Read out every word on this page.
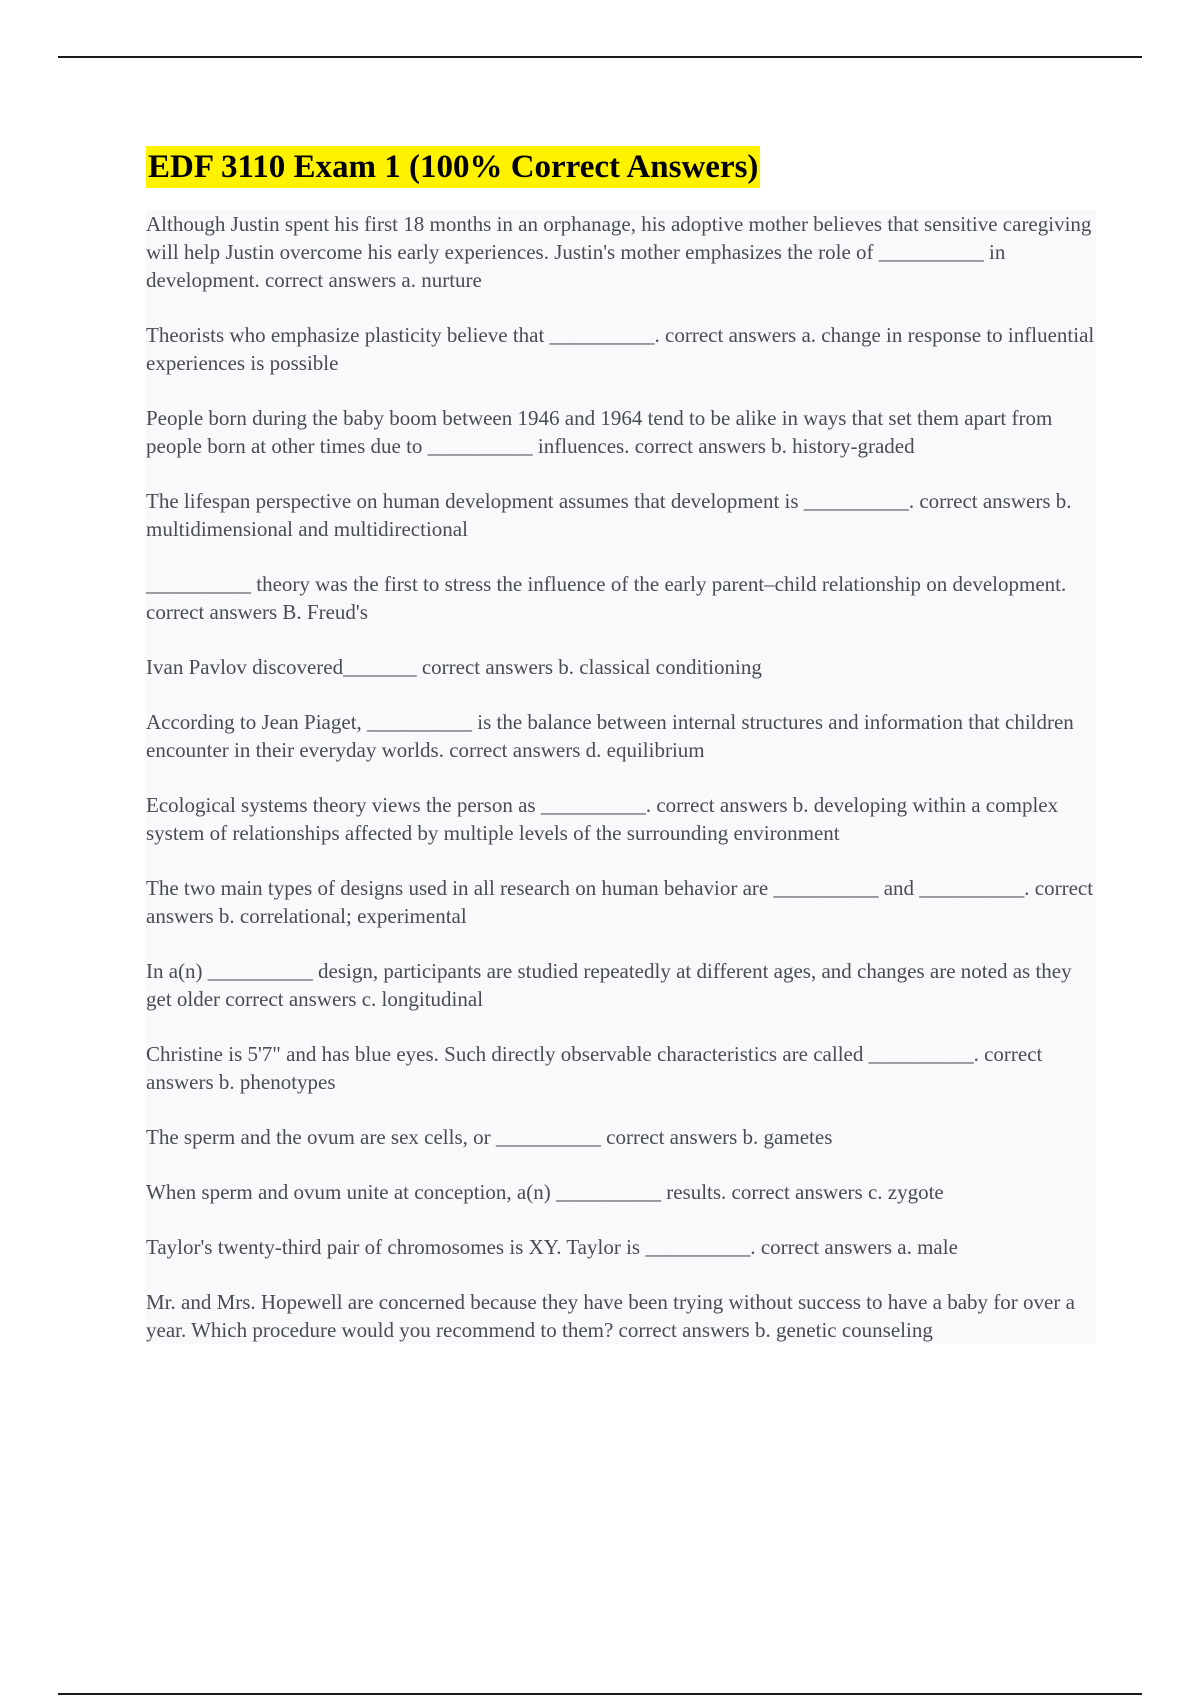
EDF 3110 Exam 1 (100% Correct Answers)

Although Justin spent his first 18 months in an orphanage, his adoptive mother believes that sensitive caregiving will help Justin overcome his early experiences. Justin's mother emphasizes the role of __________ in development. correct answers a. nurture

Theorists who emphasize plasticity believe that __________. correct answers a. change in response to influential experiences is possible

People born during the baby boom between 1946 and 1964 tend to be alike in ways that set them apart from people born at other times due to __________ influences. correct answers b. history-graded

The lifespan perspective on human development assumes that development is __________. correct answers b. multidimensional and multidirectional

__________ theory was the first to stress the influence of the early parent–child relationship on development. correct answers B. Freud's

Ivan Pavlov discovered_______ correct answers b. classical conditioning

According to Jean Piaget, __________ is the balance between internal structures and information that children encounter in their everyday worlds. correct answers d. equilibrium

Ecological systems theory views the person as __________. correct answers b. developing within a complex system of relationships affected by multiple levels of the surrounding environment

The two main types of designs used in all research on human behavior are __________ and __________. correct answers b. correlational; experimental

In a(n) __________ design, participants are studied repeatedly at different ages, and changes are noted as they get older correct answers c. longitudinal

Christine is 5'7" and has blue eyes. Such directly observable characteristics are called __________. correct answers b. phenotypes

The sperm and the ovum are sex cells, or __________ correct answers b. gametes

When sperm and ovum unite at conception, a(n) __________ results. correct answers c. zygote

Taylor's twenty-third pair of chromosomes is XY. Taylor is __________. correct answers a. male

Mr. and Mrs. Hopewell are concerned because they have been trying without success to have a baby for over a year. Which procedure would you recommend to them? correct answers b. genetic counseling
